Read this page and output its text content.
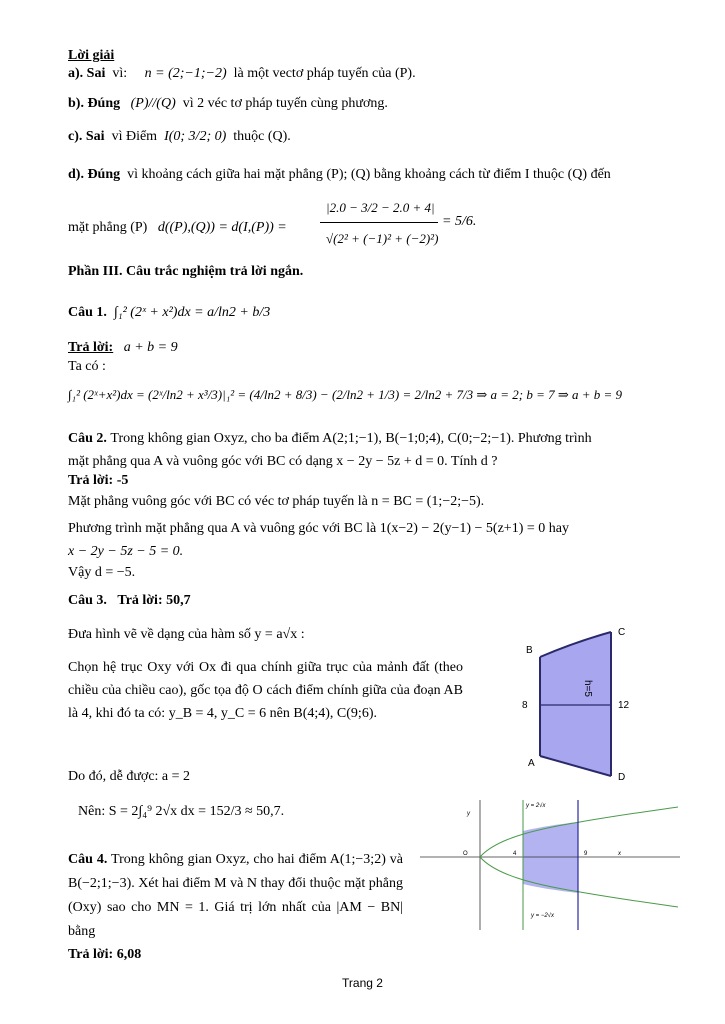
Lời giải
a). Sai vì: n = (2;−1;−2) là một vectơ pháp tuyến của (P).
b). Đúng (P)//(Q) vì 2 véc tơ pháp tuyến cùng phương.
c). Sai vì Điểm I(0; 3/2; 0) thuộc (Q).
d). Đúng vì khoảng cách giữa hai mặt phẳng (P); (Q) bằng khoảng cách từ điểm I thuộc (Q) đến
mặt phẳng (P) d((P),(Q)) = d(I,(P)) =
|2.0 − 3/2 − 2.0 + 4|
√(2² + (−1)² + (−2)²)
= 5/6.
Phần III. Câu trắc nghiệm trả lời ngắn.
Câu 1. ∫₁² (2ˣ + x²)dx = a/ln2 + b/3
Trả lời: a + b = 9
Ta có :
∫₁² (2ˣ+x²)dx = (2ˣ/ln2 + x³/3)|₁² = (4/ln2 + 8/3) − (2/ln2 + 1/3) = 2/ln2 + 7/3 ⇒ a = 2; b = 7 ⇒ a + b = 9
Câu 2. Trong không gian Oxyz, cho ba điểm A(2;1;−1), B(−1;0;4), C(0;−2;−1). Phương trình
mặt phẳng qua A và vuông góc với BC có dạng x − 2y − 5z + d = 0. Tính d ?
Trả lời: -5
Mặt phẳng vuông góc với BC có véc tơ pháp tuyến là n = BC = (1;−2;−5).
Phương trình mặt phẳng qua A và vuông góc với BC là 1(x−2) − 2(y−1) − 5(z+1) = 0 hay
x − 2y − 5z − 5 = 0.
Vậy d = −5.
Câu 3. Trả lời: 50,7
Đưa hình vẽ về dạng của hàm số y = a√x :
Chọn hệ trục Oxy với Ox đi qua chính giữa trục của mảnh đất (theo chiều của chiều cao), gốc tọa độ O cách điểm chính giữa của đoạn AB là 4, khi đó ta có: y_B = 4, y_C = 6 nên B(4;4), C(9;6).
Do đó, dễ được: a = 2
Nên: S = 2∫₄⁹ 2√x dx = 152/3 ≈ 50,7.
Câu 4. Trong không gian Oxyz, cho hai điểm A(1;−3;2) và B(−2;1;−3). Xét hai điểm M và N thay đổi thuộc mặt phẳng (Oxy) sao cho MN = 1. Giá trị lớn nhất của |AM − BN| bằng
Trả lời: 6,08
B
C
A
D
8	12
h=5
y
O	4	9	x
y = 2√x
y = −2√x
Trang 2
